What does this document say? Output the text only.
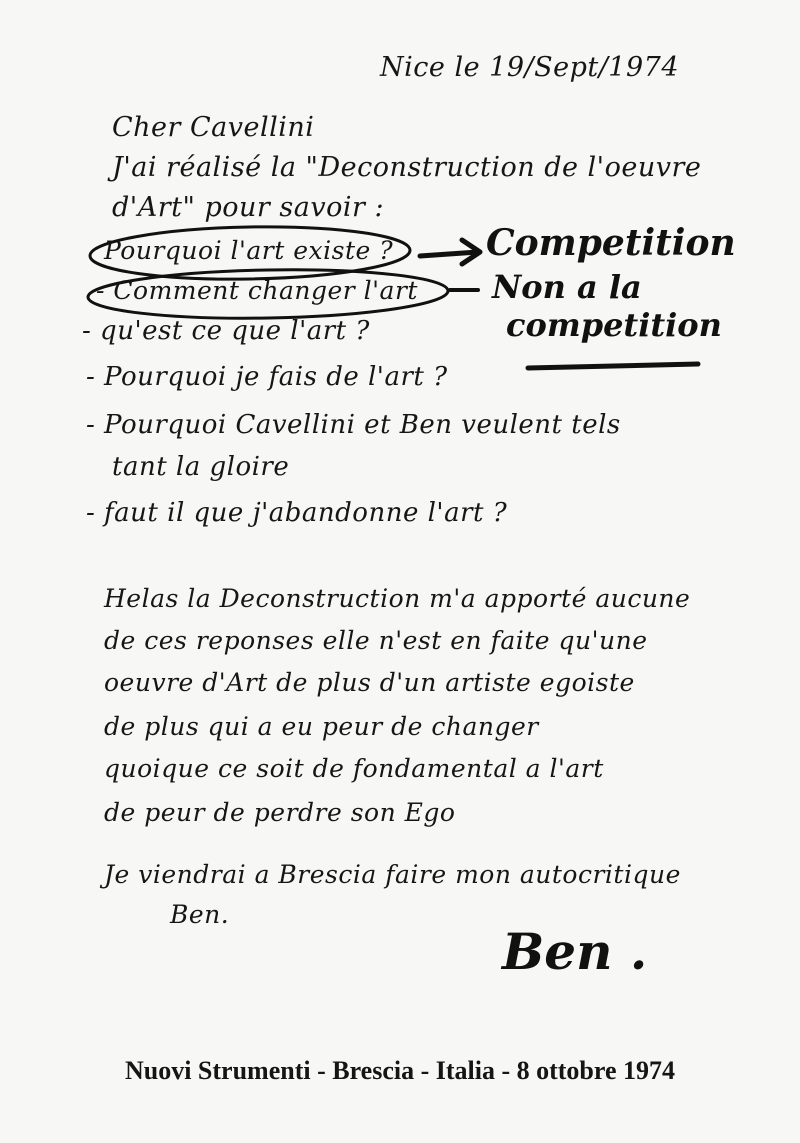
Nice le 19/Sept/1974
Cher Cavellini
J'ai réalisé la "Deconstruction de l'oeuvre
d'Art" pour savoir :
Pourquoi l'art existe ?
- Comment changer l'art
- qu'est ce que l'art ?
- Pourquoi je fais de l'art ?
- Pourquoi Cavellini et Ben veulent tels
tant la gloire
- faut il que j'abandonne l'art ?
Competition
Non a la
competition
Helas la Deconstruction m'a apporté aucune
de ces reponses elle n'est en faite qu'une
oeuvre d'Art de plus d'un artiste egoiste
de plus qui a eu peur de changer
quoique ce soit de fondamental a l'art
de peur de perdre son Ego
Je viendrai a Brescia faire mon autocritique
Ben.
Ben .
Nuovi Strumenti - Brescia - Italia - 8 ottobre 1974
